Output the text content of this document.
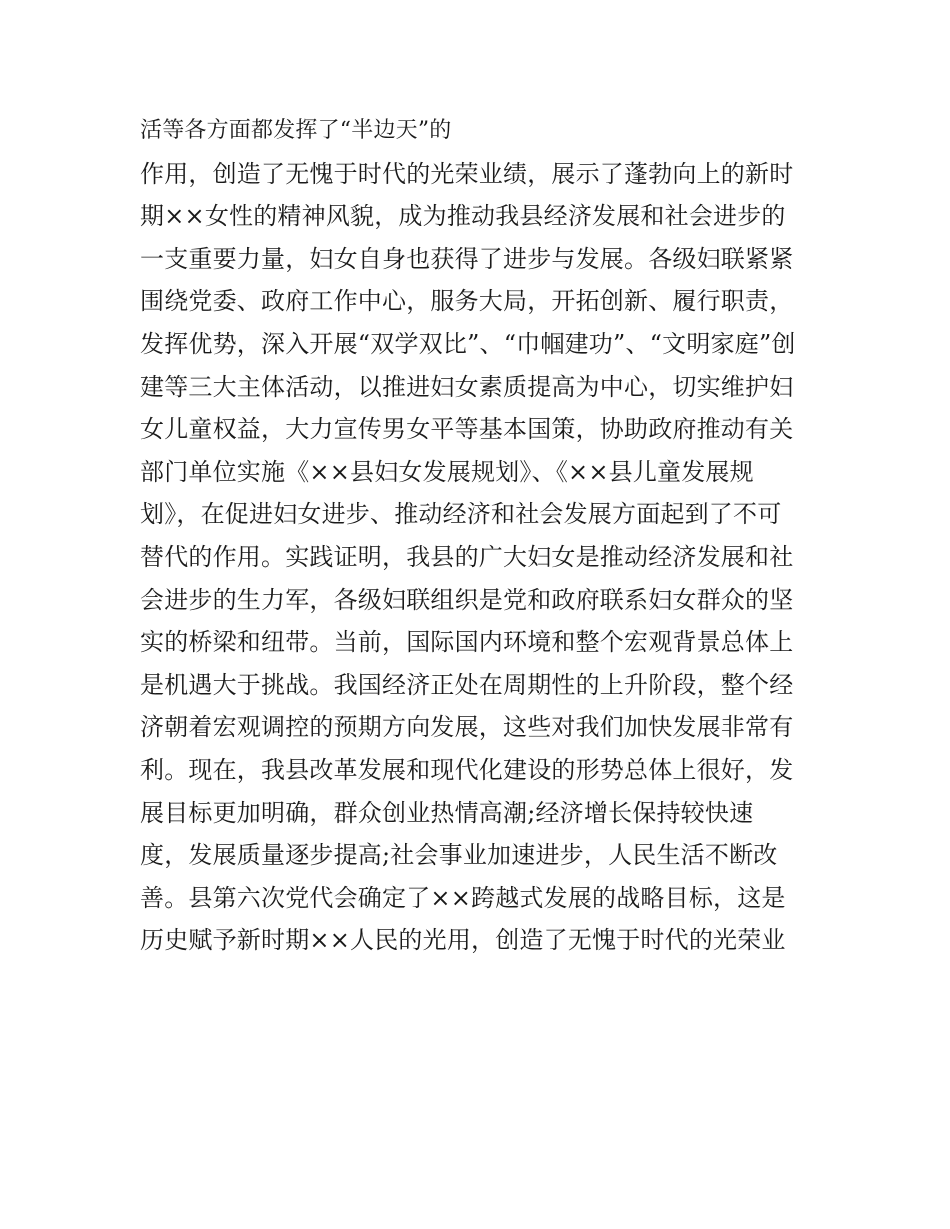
活等各方面都发挥了“半边天”的
作用，创造了无愧于时代的光荣业绩，展示了蓬勃向上的新时
期××女性的精神风貌，成为推动我县经济发展和社会进步的
一支重要力量，妇女自身也获得了进步与发展。各级妇联紧紧
围绕党委、政府工作中心，服务大局，开拓创新、履行职责，
发挥优势，深入开展“双学双比”、“巾帼建功”、“文明家庭”创
建等三大主体活动，以推进妇女素质提高为中心，切实维护妇
女儿童权益，大力宣传男女平等基本国策，协助政府推动有关
部门单位实施《××县妇女发展规划》、《××县儿童发展规
划》，在促进妇女进步、推动经济和社会发展方面起到了不可
替代的作用。实践证明，我县的广大妇女是推动经济发展和社
会进步的生力军，各级妇联组织是党和政府联系妇女群众的坚
实的桥梁和纽带。当前，国际国内环境和整个宏观背景总体上
是机遇大于挑战。我国经济正处在周期性的上升阶段，整个经
济朝着宏观调控的预期方向发展，这些对我们加快发展非常有
利。现在，我县改革发展和现代化建设的形势总体上很好，发
展目标更加明确，群众创业热情高潮;经济增长保持较快速
度，发展质量逐步提高;社会事业加速进步，人民生活不断改
善。县第六次党代会确定了××跨越式发展的战略目标，这是
历史赋予新时期××人民的光用，创造了无愧于时代的光荣业
